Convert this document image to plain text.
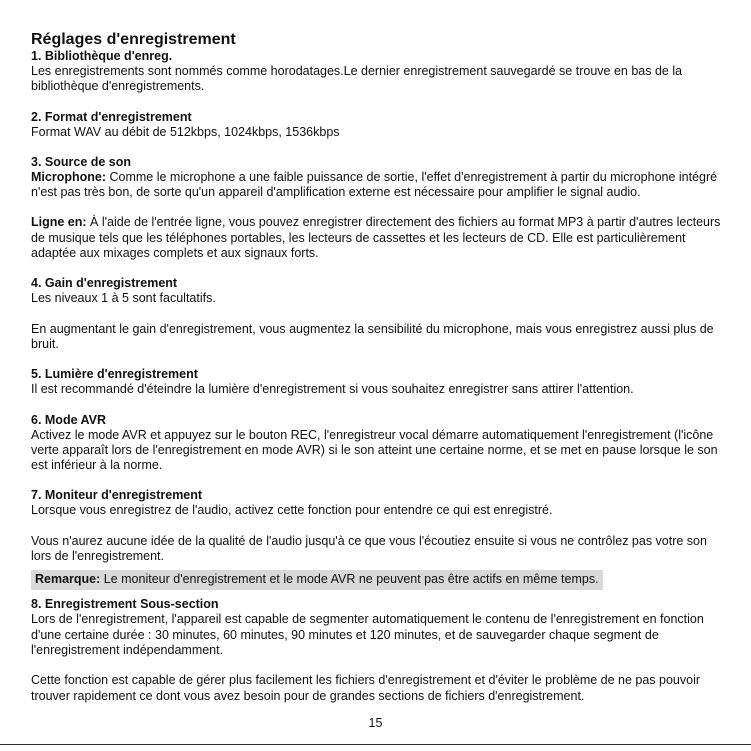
Réglages d'enregistrement
1. Bibliothèque d'enreg.

Les enregistrements sont nommés comme horodatages.Le dernier enregistrement sauvegardé se trouve en bas de la bibliothèque d'enregistrements.

2. Format d'enregistrement

Format WAV au débit de 512kbps, 1024kbps, 1536kbps

3. Source de son

Microphone: Comme le microphone a une faible puissance de sortie, l'effet d'enregistrement à partir du microphone intégré n'est pas très bon, de sorte qu'un appareil d'amplification externe est nécessaire pour amplifier le signal audio.

Ligne en: À l'aide de l'entrée ligne, vous pouvez enregistrer directement des fichiers au format MP3 à partir d'autres lecteurs de musique tels que les téléphones portables, les lecteurs de cassettes et les lecteurs de CD. Elle est particulièrement adaptée aux mixages complets et aux signaux forts.

4. Gain d'enregistrement

Les niveaux 1 à 5 sont facultatifs.

En augmentant le gain d'enregistrement, vous augmentez la sensibilité du microphone, mais vous enregistrez aussi plus de bruit.

5. Lumière d'enregistrement

Il est recommandé d'éteindre la lumière d'enregistrement si vous souhaitez enregistrer sans attirer l'attention.

6. Mode AVR

Activez le mode AVR et appuyez sur le bouton REC, l'enregistreur vocal démarre automatiquement l'enregistrement (l'icône verte apparaît lors de l'enregistrement en mode AVR) si le son atteint une certaine norme, et se met en pause lorsque le son est inférieur à la norme.

7. Moniteur d'enregistrement

Lorsque vous enregistrez de l'audio, activez cette fonction pour entendre ce qui est enregistré.

Vous n'aurez aucune idée de la qualité de l'audio jusqu'à ce que vous l'écoutiez ensuite si vous ne contrôlez pas votre son lors de l'enregistrement.

Remarque: Le moniteur d'enregistrement et le mode AVR ne peuvent pas être actifs en même temps.
8. Enregistrement Sous-section

Lors de l'enregistrement, l'appareil est capable de segmenter automatiquement le contenu de l'enregistrement en fonction d'une certaine durée : 30 minutes, 60 minutes, 90 minutes et 120 minutes, et de sauvegarder chaque segment de l'enregistrement indépendamment.

Cette fonction est capable de gérer plus facilement les fichiers d'enregistrement et d'éviter le problème de ne pas pouvoir trouver rapidement ce dont vous avez besoin pour de grandes sections de fichiers d'enregistrement.

15
